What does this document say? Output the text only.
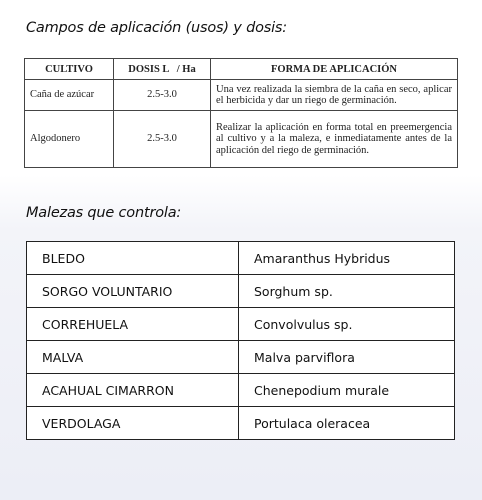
Campos de aplicación (usos) y dosis:
CULTIVO	DOSIS L   / Ha	FORMA DE APLICACIÓN
Caña de azúcar	2.5-3.0	Una vez realizada la siembra de la caña en seco, aplicar el herbicida y dar un riego de germinación.
Algodonero	2.5-3.0	Realizar la aplicación en forma total en preemergencia al cultivo y a la maleza, e inmediatamente antes de la aplicación del riego de germinación.
Malezas que controla:
BLEDO	Amaranthus Hybridus
SORGO VOLUNTARIO	Sorghum sp.
CORREHUELA	Convolvulus sp.
MALVA	Malva parviflora
ACAHUAL CIMARRON	Chenepodium murale
VERDOLAGA	Portulaca oleracea
